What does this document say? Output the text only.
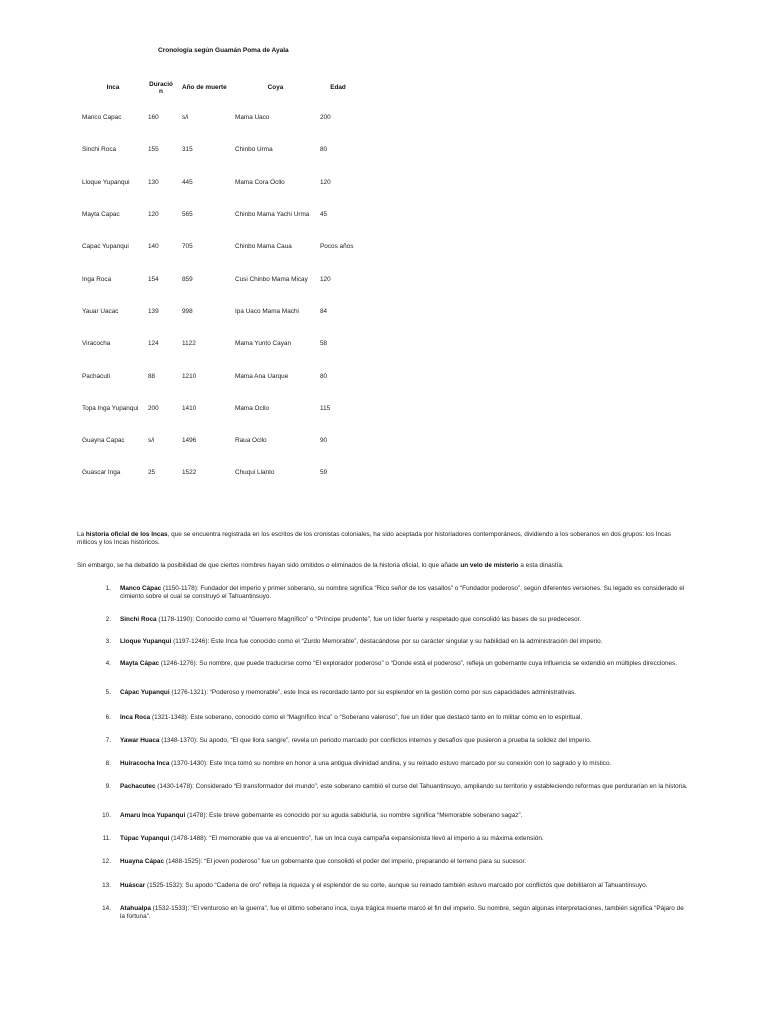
Cronología según Guamán Poma de Ayala
Inca	Duración	Año de muerte	Coya	Edad
Manco Capac	160	s/i	Mama Uaco	200
Sinchi Roca	155	315	Chinbo Urma	80
Lloque Yupanqui	130	445	Mama Cora Ocllo	120
Mayta Capac	120	565	Chinbo Mama Yachi Urma	45
Capac Yupanqui	140	705	Chinbo Mama Caua	Pocos años
Inga Roca	154	859	Cusi Chinbo Mama Micay	120
Yauar Uacac	139	998	Ipa Uaco Mama Machi	84
Viracocha	124	1122	Mama Yunto Cayan	58
Pachacuti	88	1210	Mama Ana Uarque	80
Topa Inga Yupanqui	200	1410	Mama Ocllo	115
Guayna Capac	s/i	1496	Raua Ocllo	90
Guascar Inga	25	1522	Chuqui Llanto	59
La historia oficial de los Incas, que se encuentra registrada en los escritos de los cronistas coloniales, ha sido aceptada por historiadores contemporáneos, dividiendo a los soberanos en dos grupos: los Incas míticos y los Incas históricos.
Sin embargo, se ha debatido la posibilidad de que ciertos nombres hayan sido omitidos o eliminados de la historia oficial, lo que añade un velo de misterio a esta dinastía.
1. Manco Cápac (1150-1178): Fundador del imperio y primer soberano, su nombre significa “Rico señor de los vasallos” o “Fundador poderoso”, según diferentes versiones. Su legado es considerado el cimiento sobre el cual se construyó el Tahuantinsuyo.
2. Sinchi Roca (1178-1190): Conocido como el “Guerrero Magnífico” o “Príncipe prudente”, fue un líder fuerte y respetado que consolidó las bases de su predecesor.
3. Lloque Yupanqui (1197-1246): Este Inca fue conocido como el “Zurdo Memorable”, destacándose por su carácter singular y su habilidad en la administración del imperio.
4. Mayta Cápac (1246-1276): Su nombre, que puede traducirse como “El explorador poderoso” o “Donde está el poderoso”, refleja un gobernante cuya influencia se extendió en múltiples direcciones.
5. Cápac Yupanqui (1276-1321): “Poderoso y memorable”, este Inca es recordado tanto por su esplendor en la gestión como por sus capacidades administrativas.
6. Inca Roca (1321-1348): Este soberano, conocido como el “Magnífico Inca” o “Soberano valeroso”, fue un líder que destacó tanto en lo militar como en lo espiritual.
7. Yawar Huaca (1348-1370): Su apodo, “El que llora sangre”, revela un periodo marcado por conflictos internos y desafíos que pusieron a prueba la solidez del imperio.
8. Huiracocha Inca (1370-1430): Este Inca tomó su nombre en honor a una antigua divinidad andina, y su reinado estuvo marcado por su conexión con lo sagrado y lo místico.
9. Pachacutec (1430-1478): Considerado “El transformador del mundo”, este soberano cambió el curso del Tahuantinsuyo, ampliando su territorio y estableciendo reformas que perdurarían en la historia.
10. Amaru Inca Yupanqui (1478): Este breve gobernante es conocido por su aguda sabiduría, su nombre significa “Memorable soberano sagaz”.
11. Túpac Yupanqui (1478-1488): “El memorable que va al encuentro”, fue un Inca cuya campaña expansionista llevó al imperio a su máxima extensión.
12. Huayna Cápac (1488-1525): “El joven poderoso” fue un gobernante que consolidó el poder del imperio, preparando el terreno para su sucesor.
13. Huáscar (1525-1532): Su apodo “Cadena de oro” refleja la riqueza y el esplendor de su corte, aunque su reinado también estuvo marcado por conflictos que debilitaron al Tahuantinsuyo.
14. Atahualpa (1532-1533): “El venturoso en la guerra”, fue el último soberano inca, cuya trágica muerte marcó el fin del imperio. Su nombre, según algunas interpretaciones, también significa “Pájaro de la fortuna”.
